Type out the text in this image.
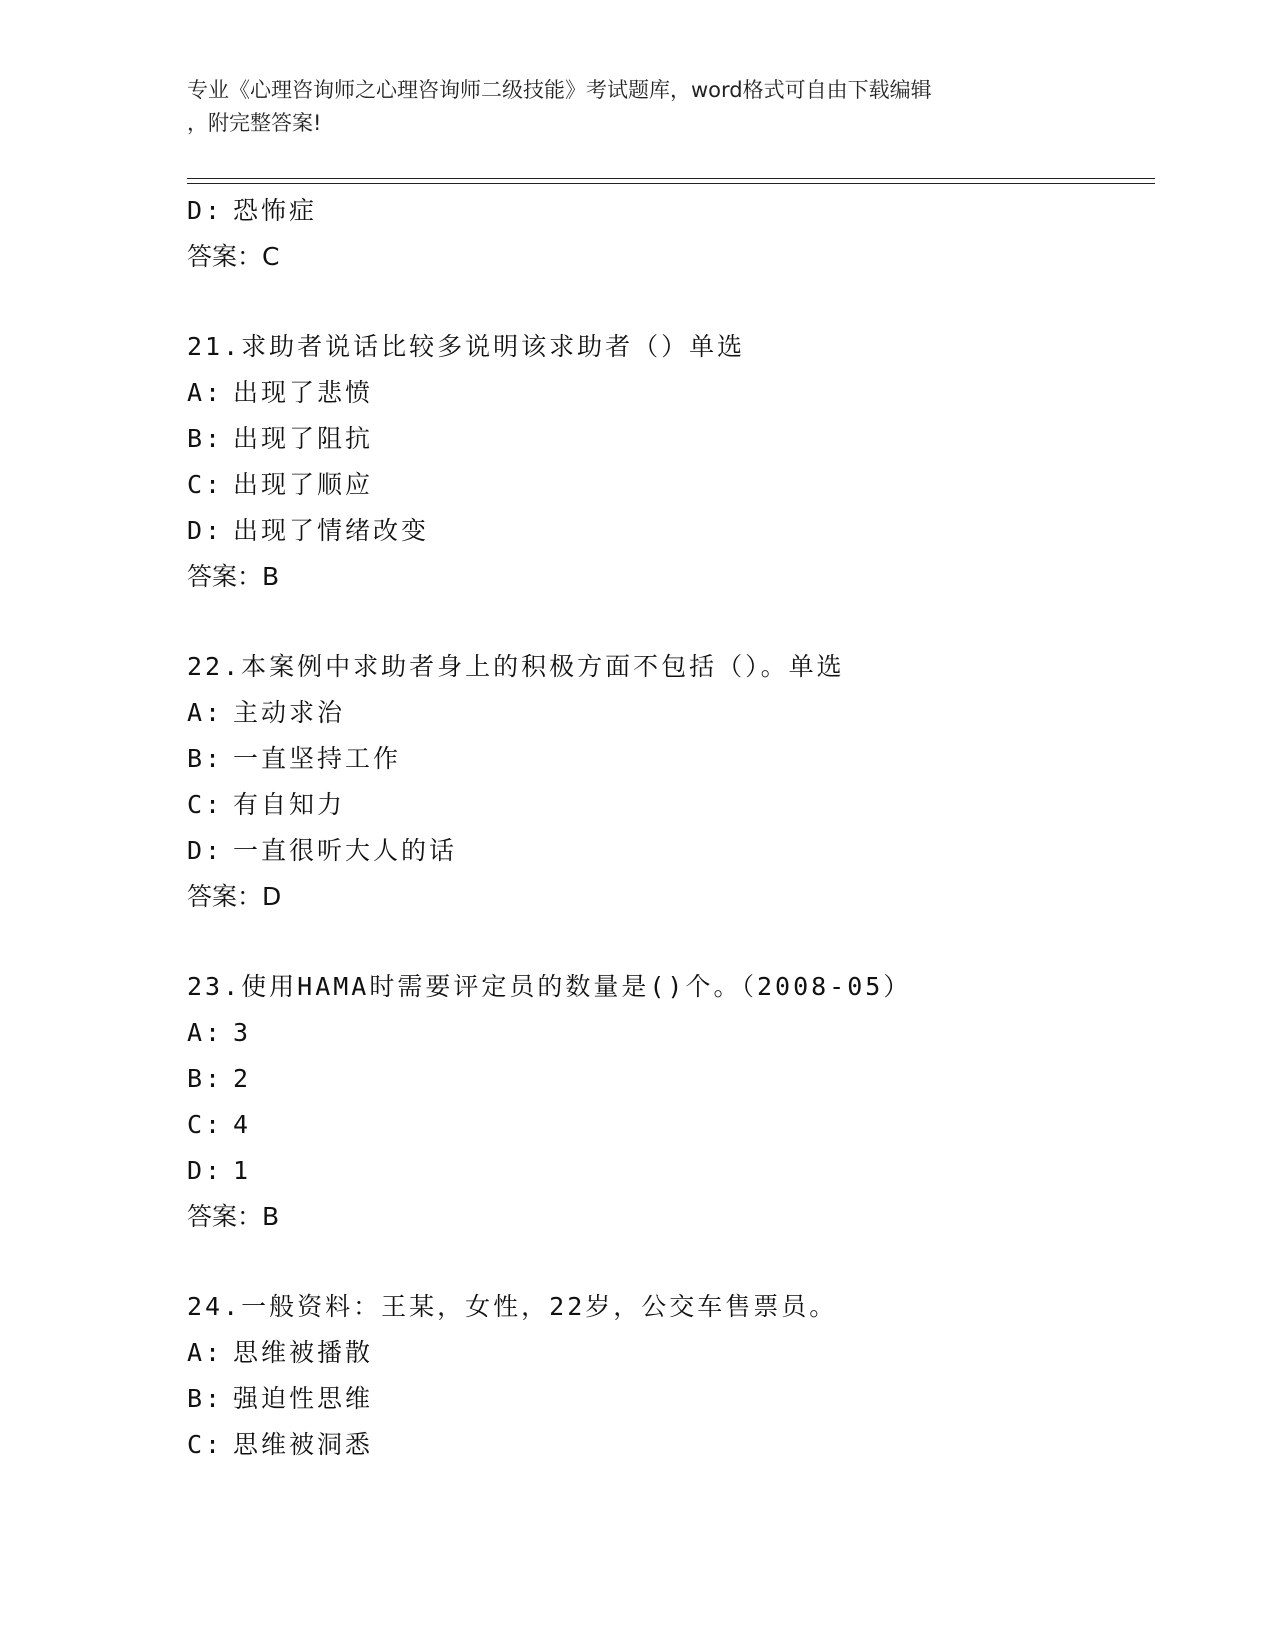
专业《心理咨询师之心理咨询师二级技能》考试题库，word格式可自由下载编辑
，附完整答案!
D: 恐怖症
答案：C
21.求助者说话比较多说明该求助者（）单选
A: 出现了悲愤
B: 出现了阻抗
C: 出现了顺应
D: 出现了情绪改变
答案：B
22.本案例中求助者身上的积极方面不包括（）。单选
A: 主动求治
B: 一直坚持工作
C: 有自知力
D: 一直很听大人的话
答案：D
23.使用HAMA时需要评定员的数量是()个。（2008-05）
A: 3
B: 2
C: 4
D: 1
答案：B
24.一般资料：王某，女性，22岁，公交车售票员。
A: 思维被播散
B: 强迫性思维
C: 思维被洞悉
